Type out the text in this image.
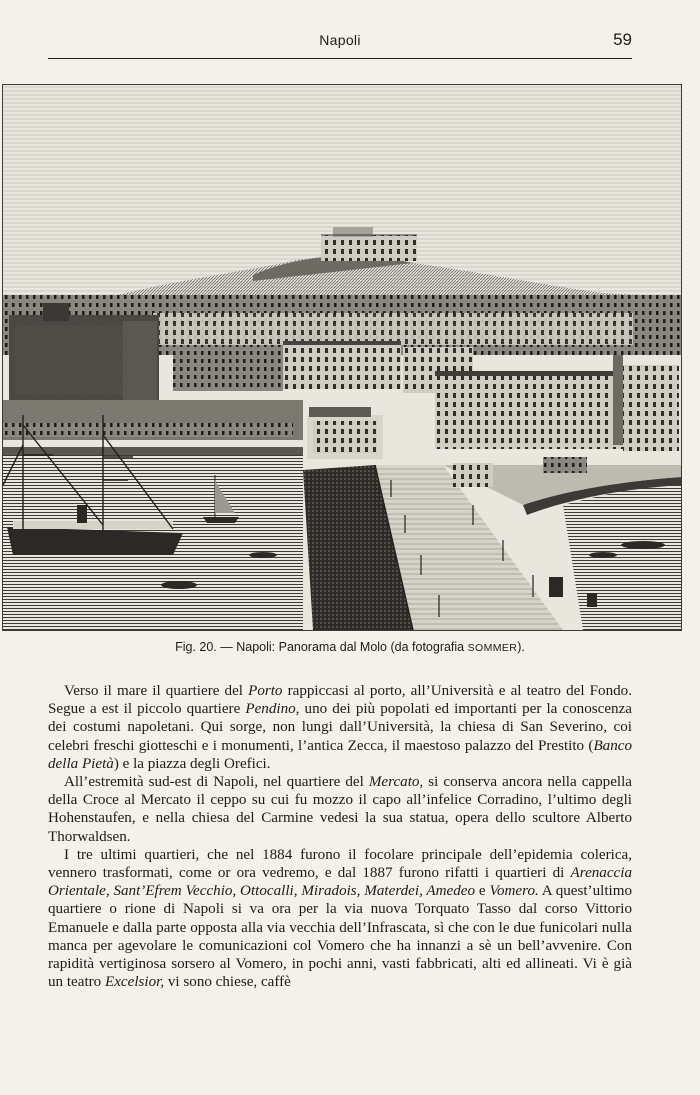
Napoli	59
Fig. 20. — Napoli: Panorama dal Molo (da fotografia SOMMER).

Verso il mare il quartiere del Porto rappiccasi al porto, all’Università e al teatro del Fondo. Segue a est il piccolo quartiere Pendino, uno dei più popolati ed importanti per la conoscenza dei costumi napoletani. Qui sorge, non lungi dall’Università, la chiesa di San Severino, coi celebri freschi giotteschi e i monumenti, l’antica Zecca, il maestoso palazzo del Prestito (Banco della Pietà) e la piazza degli Orefici.

All’estremità sud-est di Napoli, nel quartiere del Mercato, si conserva ancora nella cappella della Croce al Mercato il ceppo su cui fu mozzo il capo all’infelice Corradino, l’ultimo degli Hohenstaufen, e nella chiesa del Carmine vedesi la sua statua, opera dello scultore Alberto Thorwaldsen.

I tre ultimi quartieri, che nel 1884 furono il focolare principale dell’epidemia colerica, vennero trasformati, come or ora vedremo, e dal 1887 furono rifatti i quartieri di Arenaccia Orientale, Sant’Efrem Vecchio, Ottocalli, Miradois, Materdei, Amedeo e Vomero. A quest’ultimo quartiere o rione di Napoli si va ora per la via nuova Torquato Tasso dal corso Vittorio Emanuele e dalla parte opposta alla via vecchia dell’Infrascata, sì che con le due funicolari nulla manca per agevolare le comunicazioni col Vomero che ha innanzi a sè un bell’avvenire. Con rapidità vertiginosa sorsero al Vomero, in pochi anni, vasti fabbricati, alti ed allineati. Vi è già un teatro Excelsior, vi sono chiese, caffè
